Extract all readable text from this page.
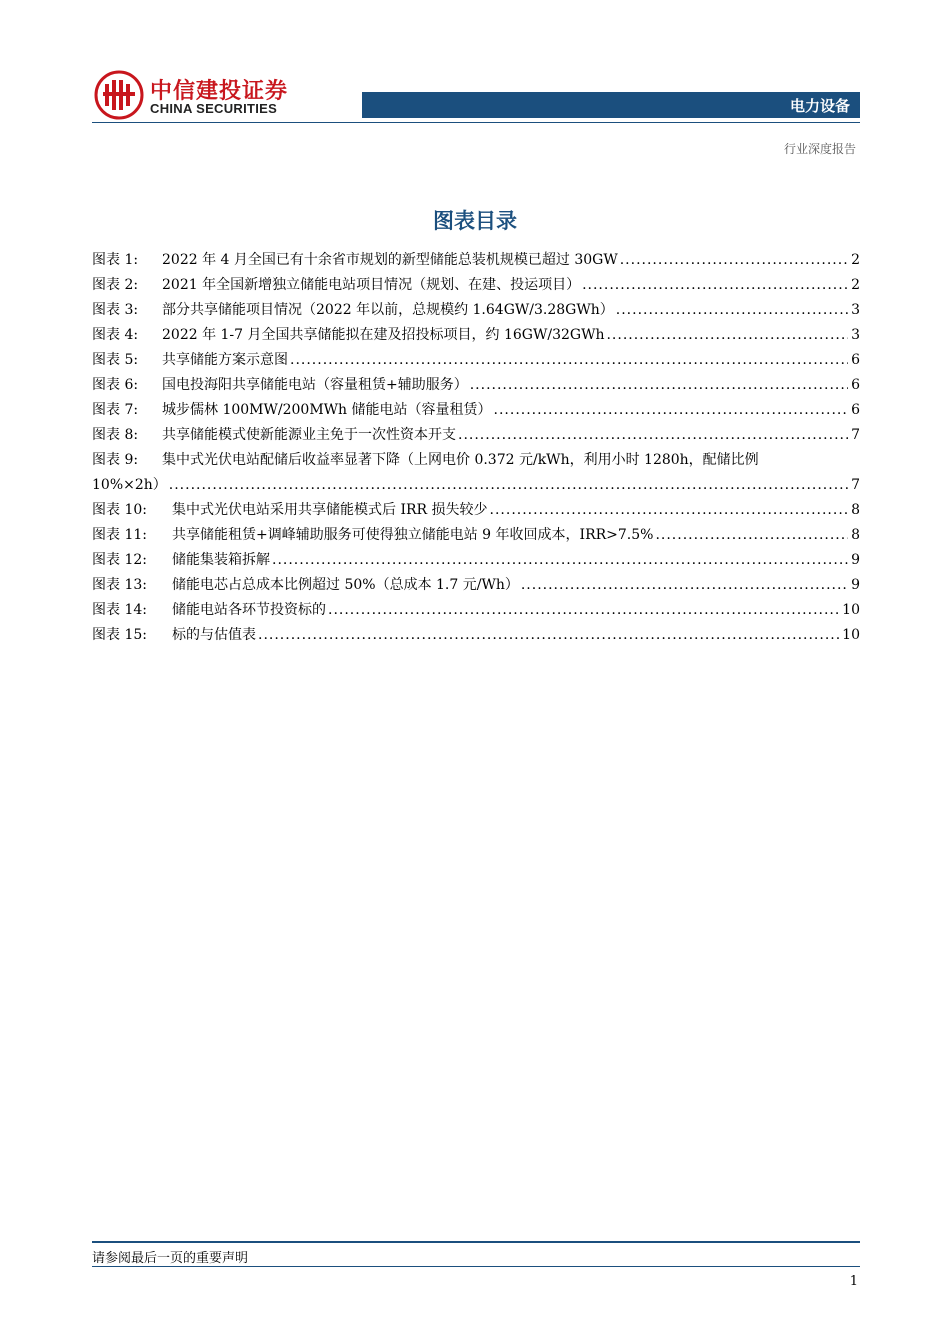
中信建投证券
CHINA SECURITIES	电力设备
行业深度报告
图表目录
图表 1:	2022 年 4 月全国已有十余省市规划的新型储能总装机规模已超过 30GW .....	2
图表 2:	2021 年全国新增独立储能电站项目情况（规划、在建、投运项目） .....	2
图表 3:	部分共享储能项目情况（2022 年以前，总规模约 1.64GW/3.28GWh） .....	3
图表 4:	2022 年 1-7 月全国共享储能拟在建及招投标项目，约 16GW/32GWh .....	3
图表 5:	共享储能方案示意图 .....	6
图表 6:	国电投海阳共享储能电站（容量租赁+辅助服务） .....	6
图表 7:	城步儒林 100MW/200MWh 储能电站（容量租赁） .....	6
图表 8:	共享储能模式使新能源业主免于一次性资本开支 .....	7
图表 9:	集中式光伏电站配储后收益率显著下降（上网电价 0.372 元/kWh，利用小时 1280h，配储比例
10%×2h） .....	7
图表 10:	集中式光伏电站采用共享储能模式后 IRR 损失较少 .....	8
图表 11:	共享储能租赁+调峰辅助服务可使得独立储能电站 9 年收回成本，IRR>7.5% .....	8
图表 12:	储能集装箱拆解 .....	9
图表 13:	储能电芯占总成本比例超过 50%（总成本 1.7 元/Wh） .....	9
图表 14:	储能电站各环节投资标的 .....	10
图表 15:	标的与估值表 .....	10
请参阅最后一页的重要声明
1
